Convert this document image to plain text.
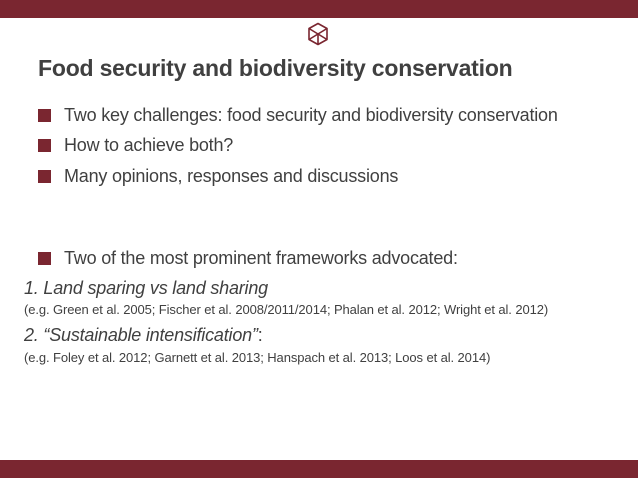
Food security and biodiversity conservation
Two key challenges: food security and biodiversity conservation
How to achieve both?
Many opinions, responses and discussions
Two of the most prominent frameworks advocated:
1. Land sparing vs land sharing
(e.g. Green et al. 2005; Fischer et al. 2008/2011/2014; Phalan et al. 2012; Wright et al. 2012)
2. “Sustainable intensification”:
(e.g. Foley et al. 2012; Garnett et al. 2013; Hanspach et al. 2013; Loos et al. 2014)
